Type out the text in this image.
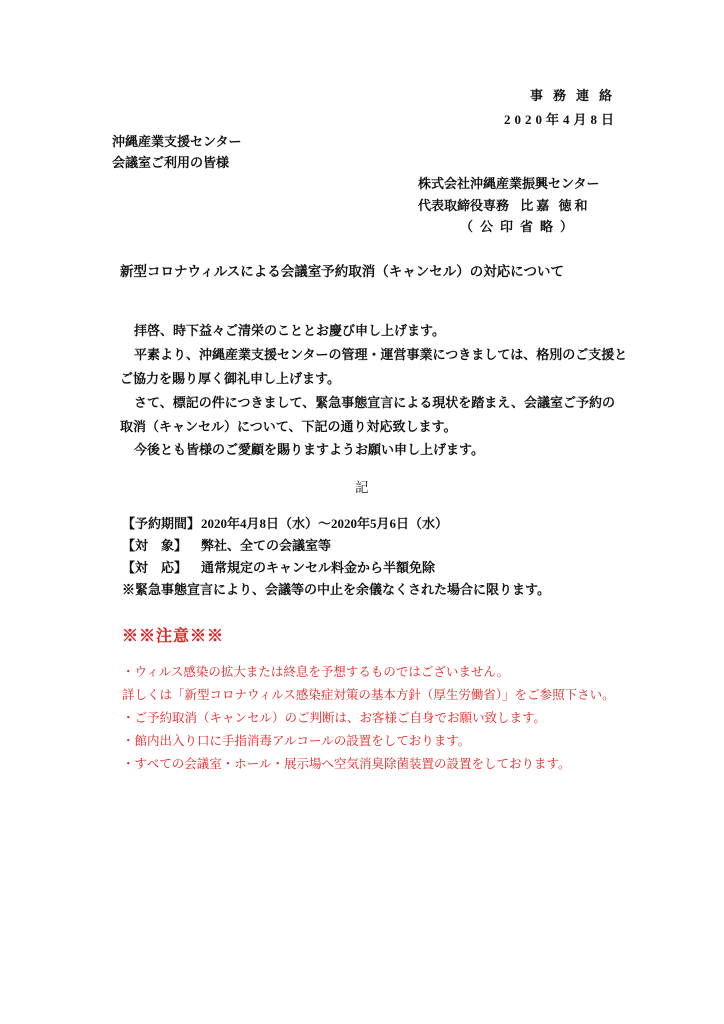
事務連絡

2020年4月8日

沖縄産業支援センター

会議室ご利用の皆様

株式会社沖縄産業振興センター

代表取締役専務 比嘉 徳和

（公印省略）

新型コロナウィルスによる会議室予約取消（キャンセル）の対応について

拝啓、時下益々ご清栄のこととお慶び申し上げます。

平素より、沖縄産業支援センターの管理・運営事業につきましては、格別のご支援と

ご協力を賜り厚く御礼申し上げます。

さて、標記の件につきまして、緊急事態宣言による現状を踏まえ、会議室ご予約の

取消（キャンセル）について、下記の通り対応致します。

今後とも皆様のご愛顧を賜りますようお願い申し上げます。

記

【予約期間】 2020年4月8日（水）～2020年5月6日（水）
【対　象】 弊社、全ての会議室等
【対　応】 通常規定のキャンセル料金から半額免除

※緊急事態宣言により、会議等の中止を余儀なくされた場合に限ります。

※※注意※※

・ウィルス感染の拡大または終息を予想するものではございません。

詳しくは「新型コロナウィルス感染症対策の基本方針（厚生労働省）」をご参照下さい。

・ご予約取消（キャンセル）のご判断は、お客様ご自身でお願い致します。

・館内出入り口に手指消毒アルコールの設置をしております。

・すべての会議室・ホール・展示場へ空気消臭除菌装置の設置をしております。
